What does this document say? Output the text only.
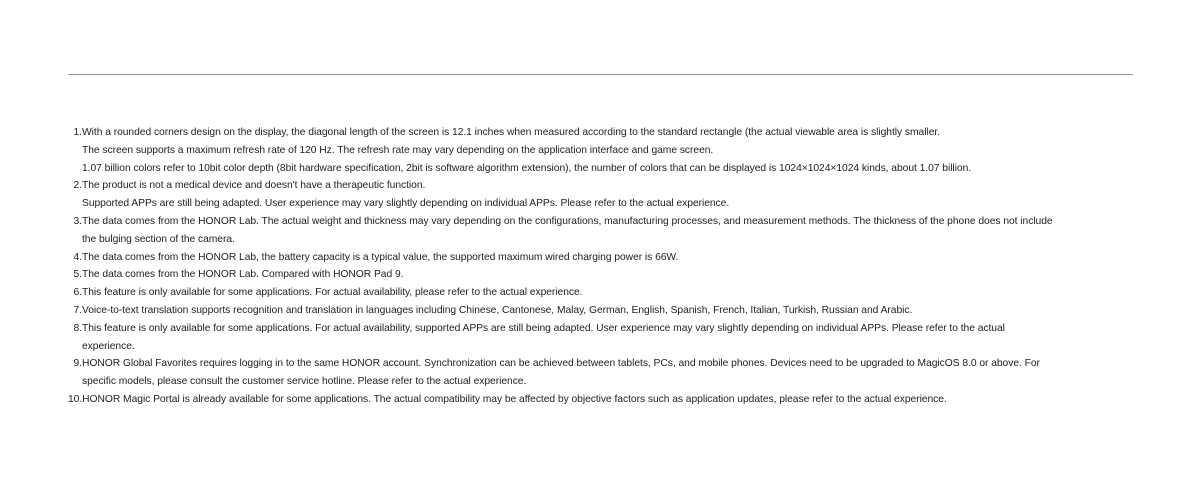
1. With a rounded corners design on the display, the diagonal length of the screen is 12.1 inches when measured according to the standard rectangle (the actual viewable area is slightly smaller.
The screen supports a maximum refresh rate of 120 Hz. The refresh rate may vary depending on the application interface and game screen.
1.07 billion colors refer to 10bit color depth (8bit hardware specification, 2bit is software algorithm extension), the number of colors that can be displayed is 1024×1024×1024 kinds, about 1.07 billion.
2. The product is not a medical device and doesn't have a therapeutic function.
Supported APPs are still being adapted. User experience may vary slightly depending on individual APPs. Please refer to the actual experience.
3. The data comes from the HONOR Lab. The actual weight and thickness may vary depending on the configurations, manufacturing processes, and measurement methods. The thickness of the phone does not include
the bulging section of the camera.
4. The data comes from the HONOR Lab, the battery capacity is a typical value, the supported maximum wired charging power is 66W.
5. The data comes from the HONOR Lab. Compared with HONOR Pad 9.
6. This feature is only available for some applications. For actual availability, please refer to the actual experience.
7. Voice-to-text translation supports recognition and translation in languages including Chinese, Cantonese, Malay, German, English, Spanish, French, Italian, Turkish, Russian and Arabic.
8. This feature is only available for some applications. For actual availability, supported APPs are still being adapted. User experience may vary slightly depending on individual APPs. Please refer to the actual
experience.
9. HONOR Global Favorites requires logging in to the same HONOR account. Synchronization can be achieved between tablets, PCs, and mobile phones. Devices need to be upgraded to MagicOS 8.0 or above. For
specific models, please consult the customer service hotline. Please refer to the actual experience.
10. HONOR Magic Portal is already available for some applications. The actual compatibility may be affected by objective factors such as application updates, please refer to the actual experience.
